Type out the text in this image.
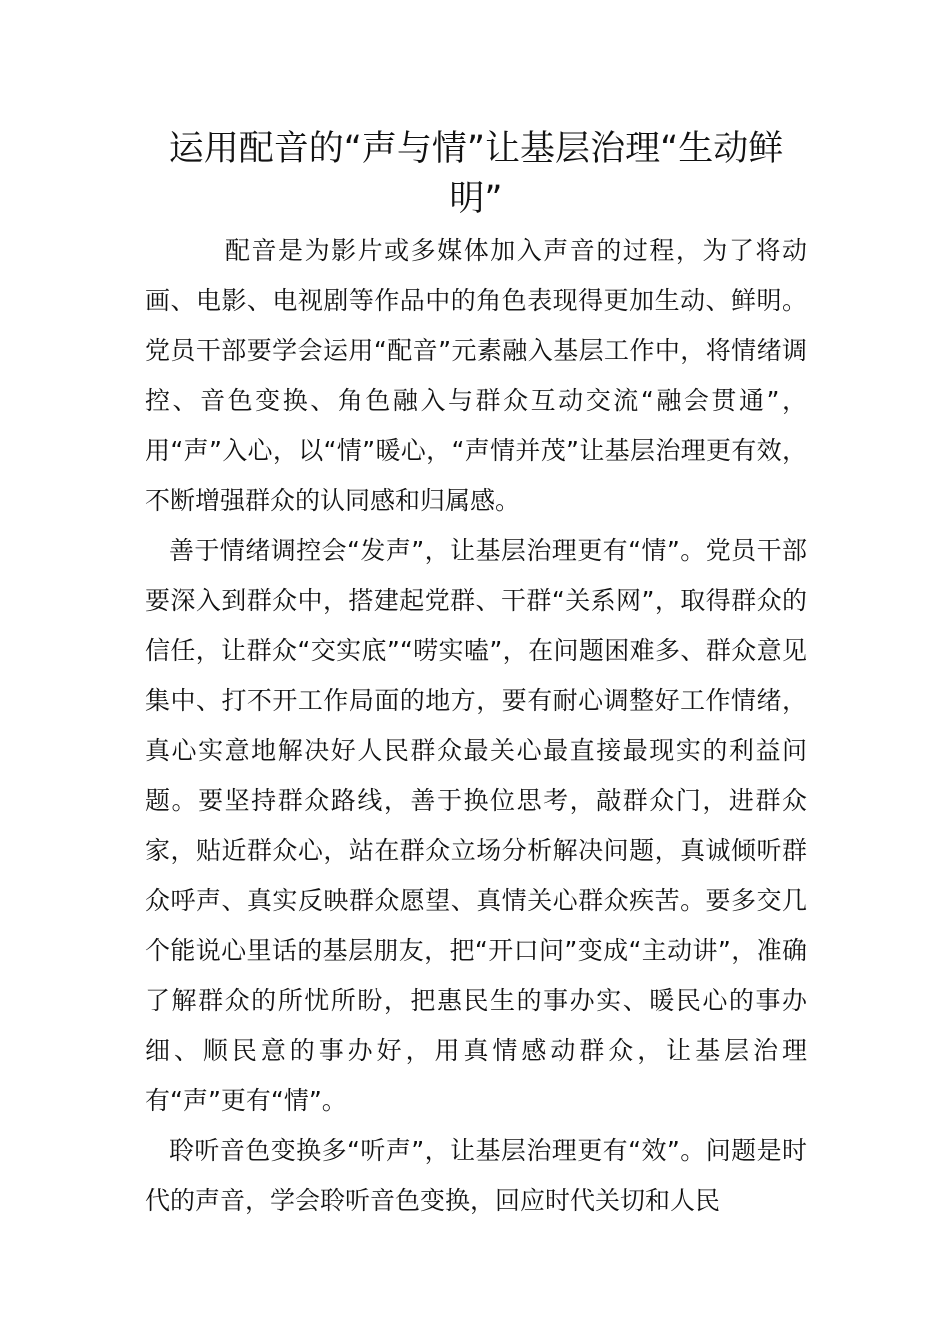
运用配音的“声与情”让基层治理“生动鲜明”

配音是为影片或多媒体加入声音的过程，为了将动画、电影、电视剧等作品中的角色表现得更加生动、鲜明。党员干部要学会运用“配音”元素融入基层工作中，将情绪调控、音色变换、角色融入与群众互动交流“融会贯通”，用“声”入心，以“情”暖心，“声情并茂”让基层治理更有效，不断增强群众的认同感和归属感。

善于情绪调控会“发声”，让基层治理更有“情”。党员干部要深入到群众中，搭建起党群、干群“关系网”，取得群众的信任，让群众“交实底”“唠实嗑”，在问题困难多、群众意见集中、打不开工作局面的地方，要有耐心调整好工作情绪，真心实意地解决好人民群众最关心最直接最现实的利益问题。要坚持群众路线，善于换位思考，敲群众门，进群众家，贴近群众心，站在群众立场分析解决问题，真诚倾听群众呼声、真实反映群众愿望、真情关心群众疾苦。要多交几个能说心里话的基层朋友，把“开口问”变成“主动讲”，准确了解群众的所忧所盼，把惠民生的事办实、暖民心的事办细、顺民意的事办好，用真情感动群众，让基层治理有“声”更有“情”。

聆听音色变换多“听声”，让基层治理更有“效”。问题是时代的声音，学会聆听音色变换，回应时代关切和人民
